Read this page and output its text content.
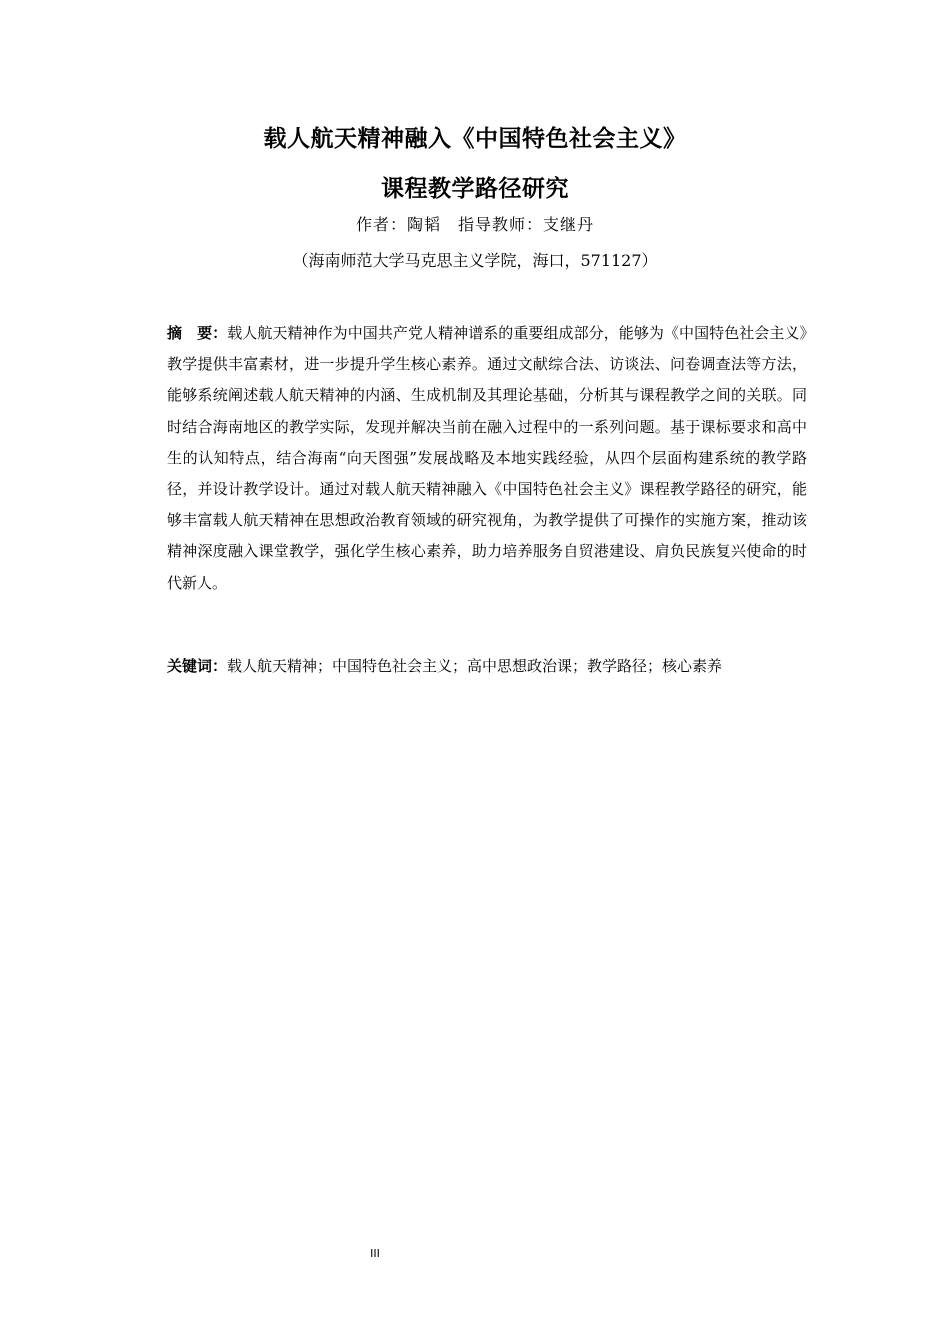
载人航天精神融入《中国特色社会主义》
课程教学路径研究
作者：陶韬　指导教师：支继丹
（海南师范大学马克思主义学院，海口，571127）
摘　要：载人航天精神作为中国共产党人精神谱系的重要组成部分，能够为《中国特色社会主义》教学提供丰富素材，进一步提升学生核心素养。通过文献综合法、访谈法、问卷调查法等方法，能够系统阐述载人航天精神的内涵、生成机制及其理论基础，分析其与课程教学之间的关联。同时结合海南地区的教学实际，发现并解决当前在融入过程中的一系列问题。基于课标要求和高中生的认知特点，结合海南“向天图强”发展战略及本地实践经验，从四个层面构建系统的教学路径，并设计教学设计。通过对载人航天精神融入《中国特色社会主义》课程教学路径的研究，能够丰富载人航天精神在思想政治教育领域的研究视角，为教学提供了可操作的实施方案，推动该精神深度融入课堂教学，强化学生核心素养，助力培养服务自贸港建设、肩负民族复兴使命的时代新人。
关键词：载人航天精神；中国特色社会主义；高中思想政治课；教学路径；核心素养
III
